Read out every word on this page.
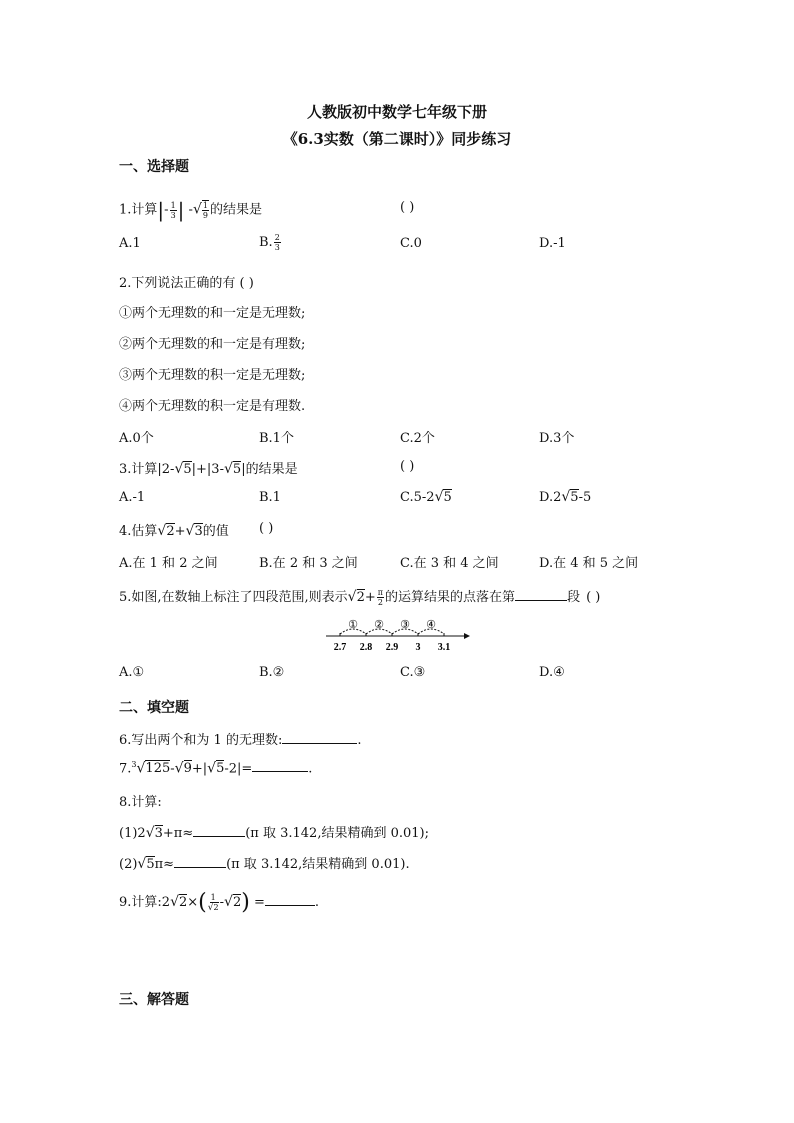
人教版初中数学七年级下册
《6.3实数（第二课时）》同步练习
一、选择题
1.计算|- $\frac{1}{3}$ | -√ $\frac{1}{9}$ 的结果是	( )
A.1	B. $\frac{2}{3}$	C.0	D.-1
2.下列说法正确的有 ( )
①两个无理数的和一定是无理数;
②两个无理数的和一定是有理数;
③两个无理数的积一定是无理数;
④两个无理数的积一定是有理数.
A.0个	B.1个	C.2个	D.3个
3.计算|2-√5|+|3-√5|的结果是	( )
A.-1	B.1	C.5-2√5	D.2√5-5
4.估算√2+√3的值 ( )
A.在 1 和 2 之间	B.在 2 和 3 之间	C.在 3 和 4 之间	D.在 4 和 5 之间
5.如图,在数轴上标注了四段范围,则表示$√2+ \frac{\pi}{2}$ 的运算结果的点落在第	段 ( )
2.7 2.8 2.9 3 3.1
① ② ③ ④
A.①	B.②	C.③	D.④
二、填空题
6.写出两个和为 1 的无理数:	.
7.$^3$√125-√9+|√5-2|=	.
8.计算:
(1)2√3+π≈	(π 取 3.142,结果精确到 0.01);
(2)√5π≈	(π 取 3.142,结果精确到 0.01).
9.计算:2√2×( $\frac{1}{√2} -√2$) =	.
三、解答题
